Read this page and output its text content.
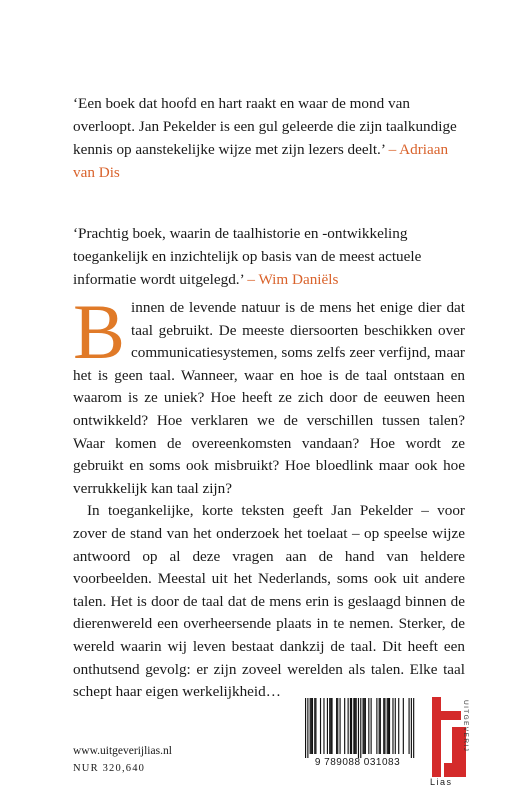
‘Een boek dat hoofd en hart raakt en waar de mond van overloopt. Jan Pekelder is een gul geleerde die zijn taalkundige kennis op aanstekelijke wijze met zijn lezers deelt.’ – Adriaan van Dis

‘Prachtig boek, waarin de taalhistorie en -ontwikkeling toegankelijk en inzichtelijk op basis van de meest actuele informatie wordt uitgelegd.’ – Wim Daniëls

B innen de levende natuur is de mens het enige dier dat taal gebruikt. De meeste diersoorten beschikken over communicatiesystemen, soms zelfs zeer verfijnd, maar het is geen taal. Wanneer, waar en hoe is de taal ontstaan en waarom is ze uniek? Hoe heeft ze zich door de eeuwen heen ontwikkeld? Hoe verklaren we de verschillen tussen talen? Waar komen de overeenkomsten vandaan? Hoe wordt ze gebruikt en soms ook misbruikt? Hoe bloedlink maar ook hoe verrukkelijk kan taal zijn?

In toegankelijke, korte teksten geeft Jan Pekelder – voor zover de stand van het onderzoek het toelaat – op speelse wijze antwoord op al deze vragen aan de hand van heldere voorbeelden. Meestal uit het Nederlands, soms ook uit andere talen. Het is door de taal dat de mens erin is geslaagd binnen de dierenwereld een overheersende plaats in te nemen. Sterker, de wereld waarin wij leven bestaat dankzij de taal. Dit heeft een onthutsend gevolg: er zijn zoveel werelden als talen. Elke taal schept haar eigen werkelijkheid…

www.uitgeverijlias.nl
NUR 320,640
9 789088 031083
UITGEVERIJ
Lias
